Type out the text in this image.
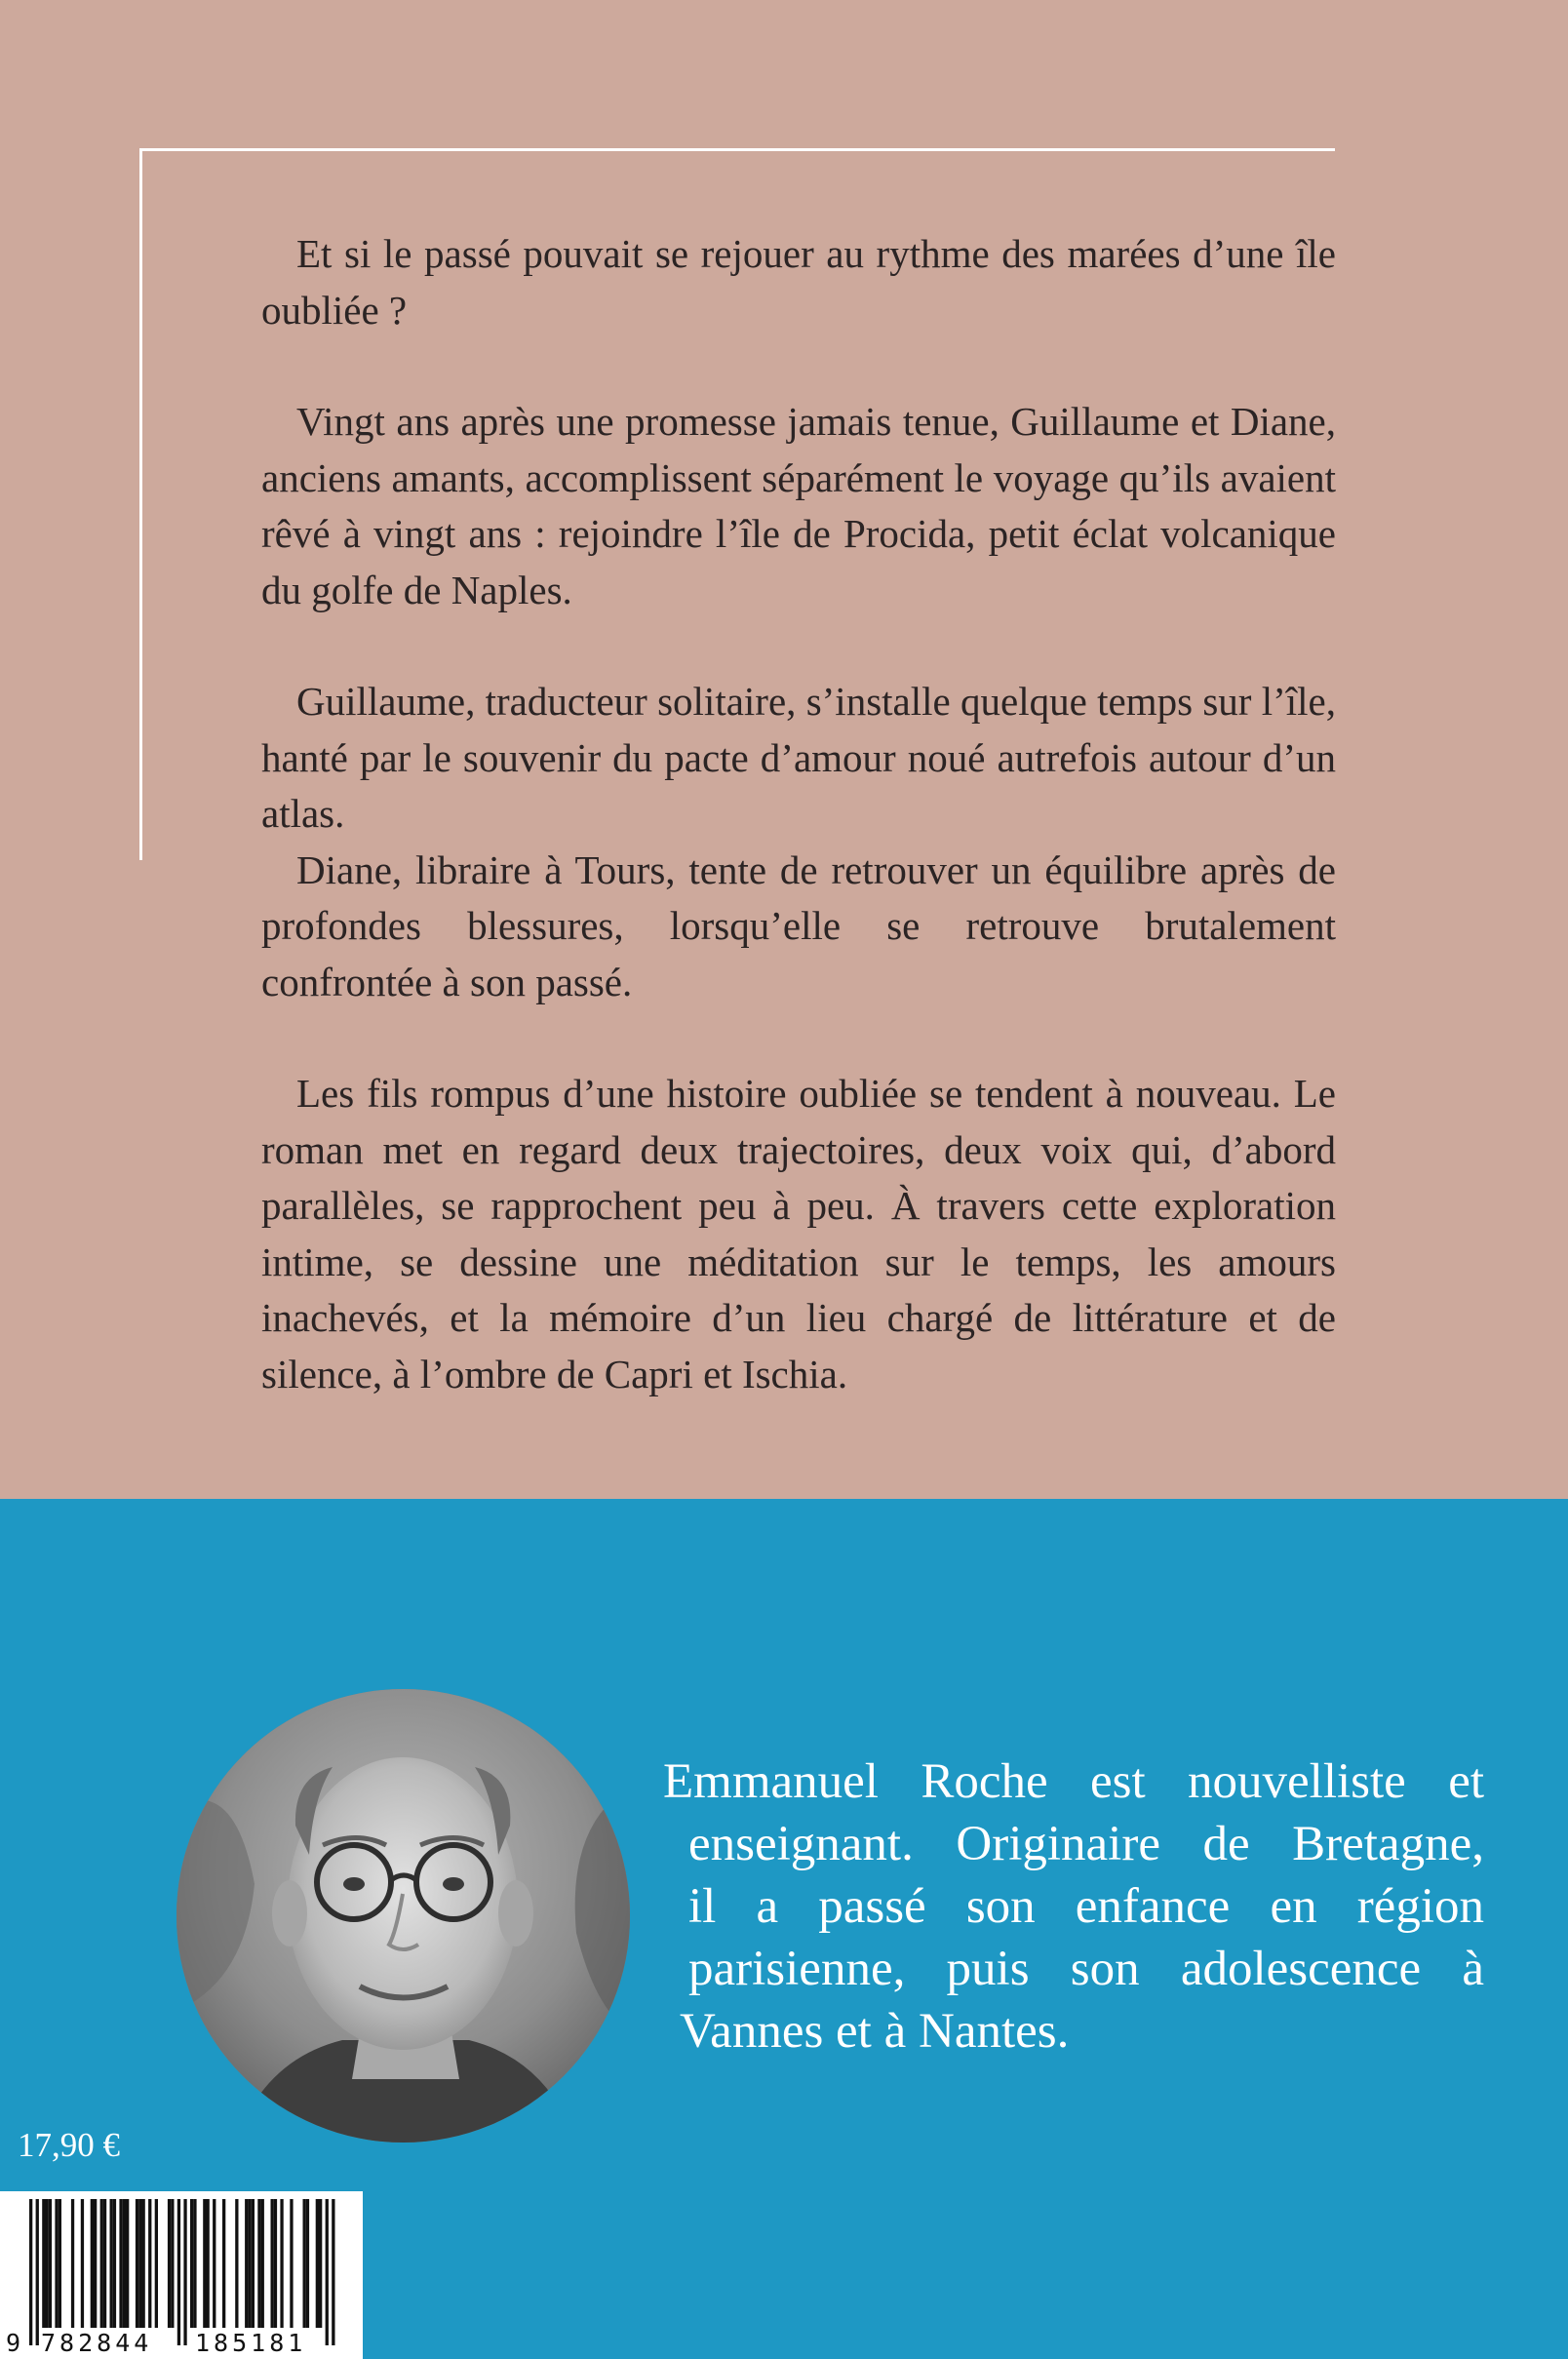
Et si le passé pouvait se rejouer au rythme des marées d’une île oubliée ?

Vingt ans après une promesse jamais tenue, Guillaume et Diane, anciens amants, accomplissent séparément le voyage qu’ils avaient rêvé à vingt ans : rejoindre l’île de Procida, petit éclat volcanique du golfe de Naples.

Guillaume, traducteur solitaire, s’installe quelque temps sur l’île, hanté par le souvenir du pacte d’amour noué autrefois autour d’un atlas.

Diane, libraire à Tours, tente de retrouver un équilibre après de profondes blessures, lorsqu’elle se retrouve brutalement confrontée à son passé.

Les fils rompus d’une histoire oubliée se tendent à nouveau. Le roman met en regard deux trajectoires, deux voix qui, d’abord parallèles, se rapprochent peu à peu. À travers cette exploration intime, se dessine une méditation sur le temps, les amours inachevés, et la mémoire d’un lieu chargé de littérature et de silence, à l’ombre de Capri et Ischia.

Emmanuel Roche est nouvelliste et
enseignant. Originaire de Bretagne,
il a passé son enfance en région
parisienne, puis son adolescence à
Vannes et à Nantes.
17,90 €
9 782844 185181
